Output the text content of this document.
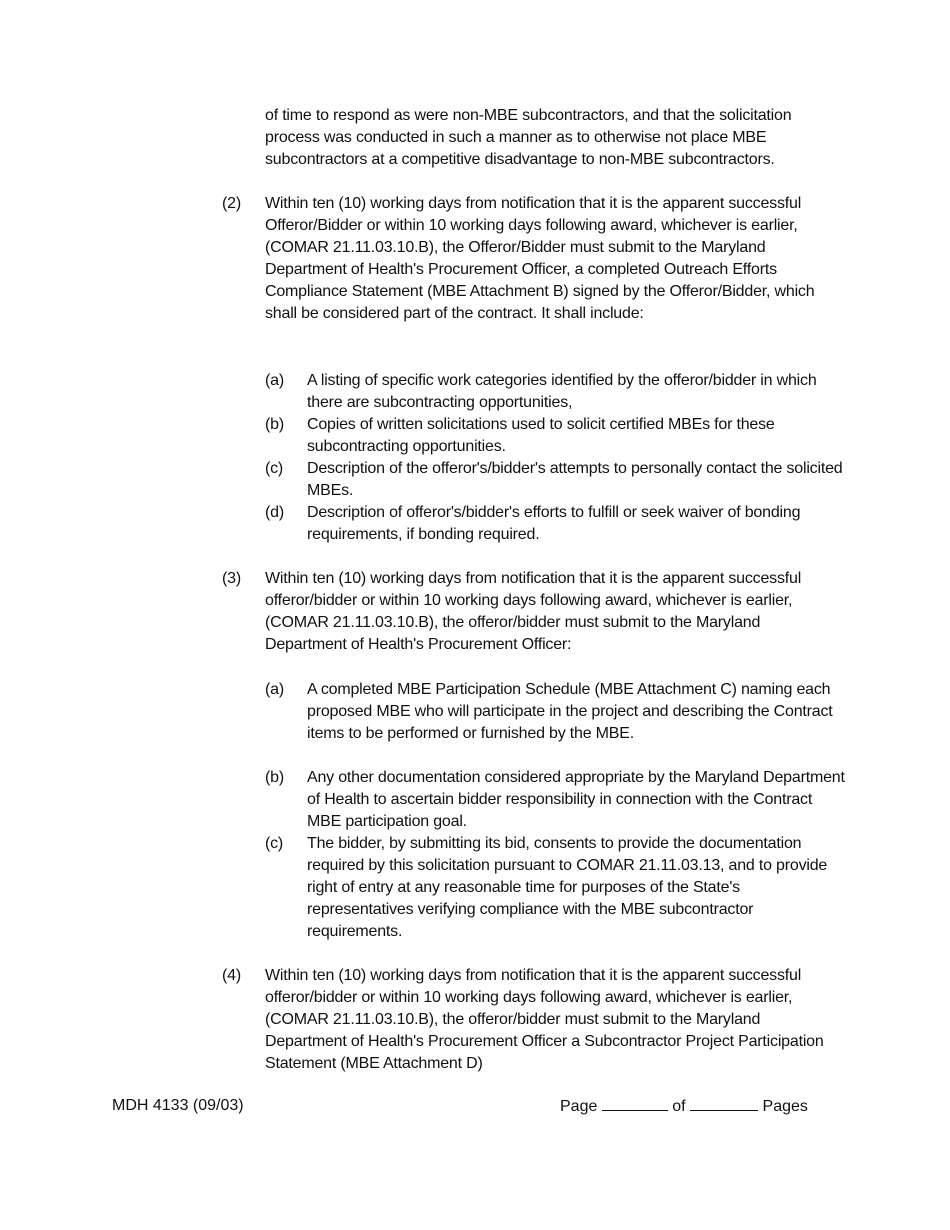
of time to respond as were non-MBE subcontractors, and that the solicitation process was conducted in such a manner as to otherwise not place MBE subcontractors at a competitive disadvantage to non-MBE subcontractors.
(2) Within ten (10) working days from notification that it is the apparent successful Offeror/Bidder or within 10 working days following award, whichever is earlier, (COMAR 21.11.03.10.B), the Offeror/Bidder must submit to the Maryland Department of Health's Procurement Officer, a completed Outreach Efforts Compliance Statement (MBE Attachment B) signed by the Offeror/Bidder, which shall be considered part of the contract. It shall include:
(a) A listing of specific work categories identified by the offeror/bidder in which there are subcontracting opportunities,
(b) Copies of written solicitations used to solicit certified MBEs for these subcontracting opportunities.
(c) Description of the offeror's/bidder's attempts to personally contact the solicited MBEs.
(d) Description of offeror's/bidder's efforts to fulfill or seek waiver of bonding requirements, if bonding required.
(3) Within ten (10) working days from notification that it is the apparent successful offeror/bidder or within 10 working days following award, whichever is earlier, (COMAR 21.11.03.10.B), the offeror/bidder must submit to the Maryland Department of Health's Procurement Officer:
(a) A completed MBE Participation Schedule (MBE Attachment C) naming each proposed MBE who will participate in the project and describing the Contract items to be performed or furnished by the MBE.
(b) Any other documentation considered appropriate by the Maryland Department of Health to ascertain bidder responsibility in connection with the Contract MBE participation goal.
(c) The bidder, by submitting its bid, consents to provide the documentation required by this solicitation pursuant to COMAR 21.11.03.13, and to provide right of entry at any reasonable time for purposes of the State's representatives verifying compliance with the MBE subcontractor requirements.
(4) Within ten (10) working days from notification that it is the apparent successful offeror/bidder or within 10 working days following award, whichever is earlier, (COMAR 21.11.03.10.B), the offeror/bidder must submit to the Maryland Department of Health's Procurement Officer a Subcontractor Project Participation Statement (MBE Attachment D)
MDH 4133 (09/03)	Page	of	Pages
